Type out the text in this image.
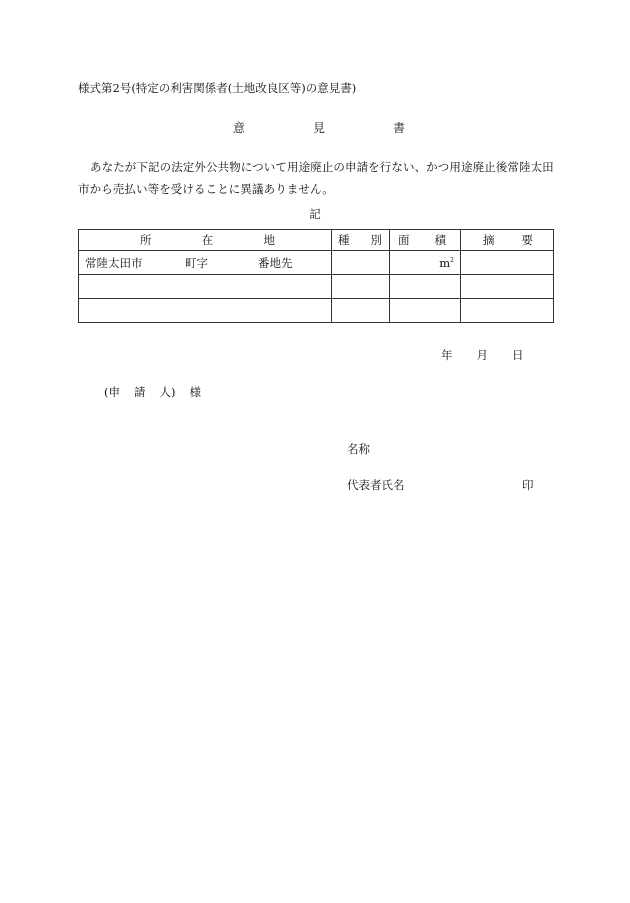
様式第2号(特定の利害関係者(土地改良区等)の意見書)
意	見	書
あなたが下記の法定外公共物について用途廃止の申請を行ない、かつ用途廃止後常陸太田市から売払い等を受けることに異議ありません。
記
所 在 地	種 別	面 積	摘 要

常陸太田市 町字 番地先		$m^2$	

年 月 日
(申 請 人) 様
名称
代表者氏名	印
